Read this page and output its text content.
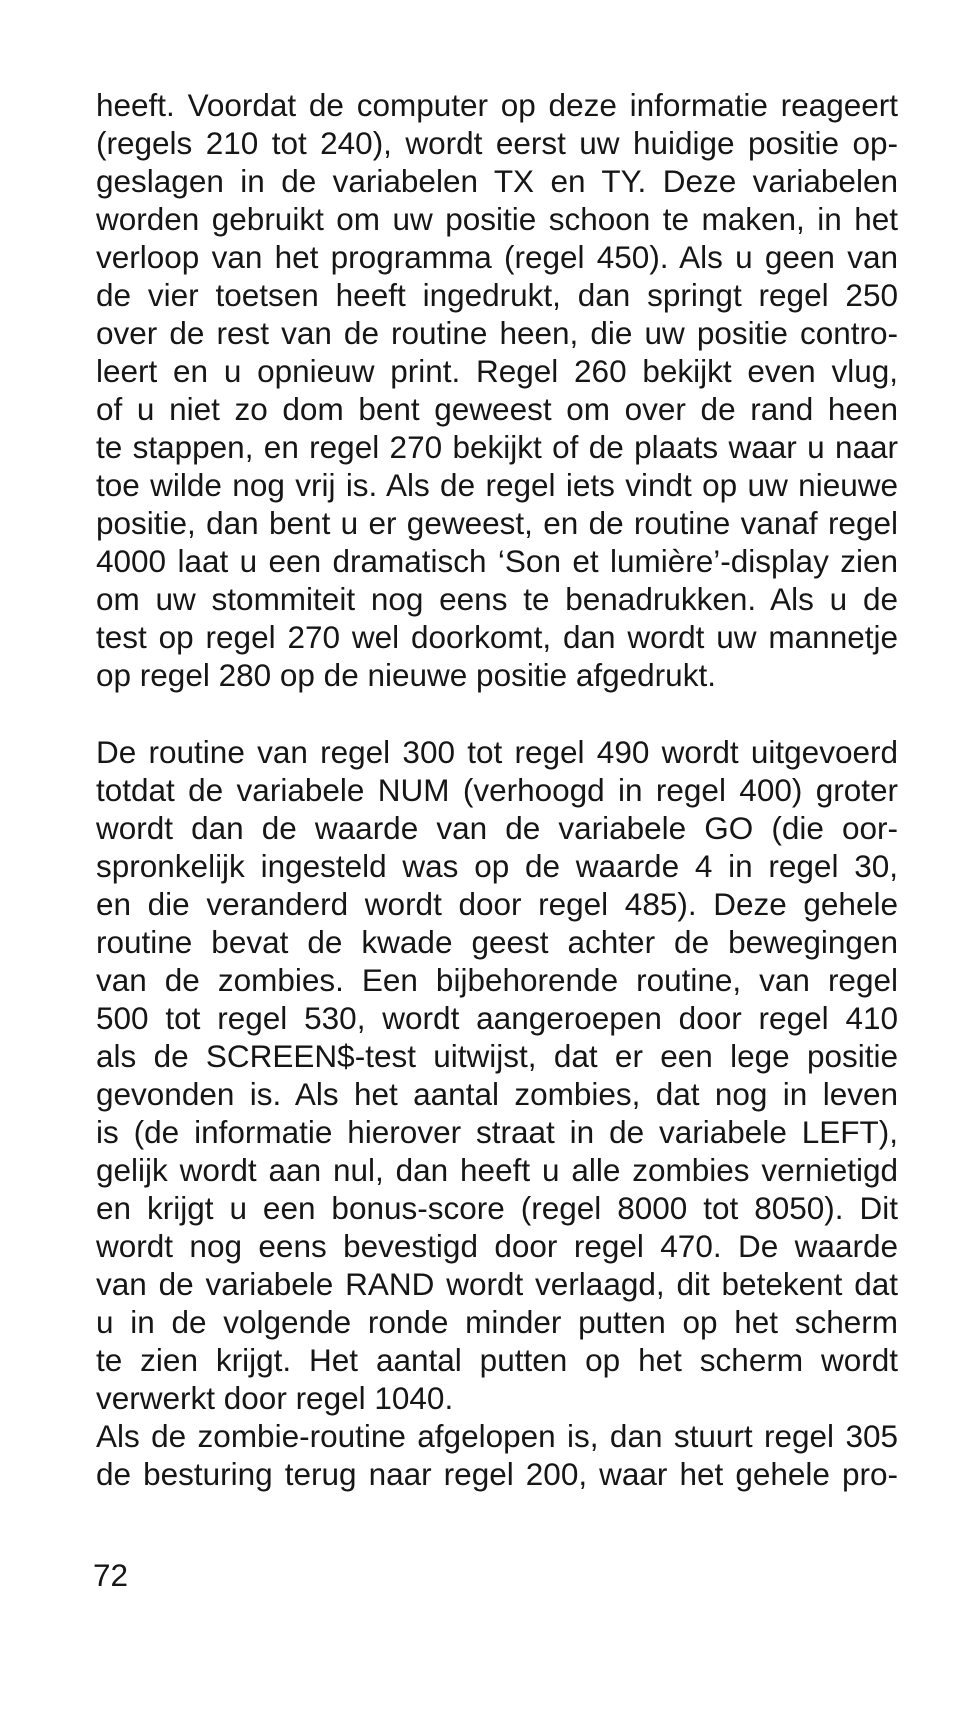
heeft. Voordat de computer op deze informatie reageert
(regels 210 tot 240), wordt eerst uw huidige positie op-
geslagen in de variabelen TX en TY. Deze variabelen
worden gebruikt om uw positie schoon te maken, in het
verloop van het programma (regel 450). Als u geen van
de vier toetsen heeft ingedrukt, dan springt regel 250
over de rest van de routine heen, die uw positie contro-
leert en u opnieuw print. Regel 260 bekijkt even vlug,
of u niet zo dom bent geweest om over de rand heen
te stappen, en regel 270 bekijkt of de plaats waar u naar
toe wilde nog vrij is. Als de regel iets vindt op uw nieuwe
positie, dan bent u er geweest, en de routine vanaf regel
4000 laat u een dramatisch ‘Son et lumière’-display zien
om uw stommiteit nog eens te benadrukken. Als u de
test op regel 270 wel doorkomt, dan wordt uw mannetje
op regel 280 op de nieuwe positie afgedrukt.
De routine van regel 300 tot regel 490 wordt uitgevoerd
totdat de variabele NUM (verhoogd in regel 400) groter
wordt dan de waarde van de variabele GO (die oor-
spronkelijk ingesteld was op de waarde 4 in regel 30,
en die veranderd wordt door regel 485). Deze gehele
routine bevat de kwade geest achter de bewegingen
van de zombies. Een bijbehorende routine, van regel
500 tot regel 530, wordt aangeroepen door regel 410
als de SCREEN$-test uitwijst, dat er een lege positie
gevonden is. Als het aantal zombies, dat nog in leven
is (de informatie hierover straat in de variabele LEFT),
gelijk wordt aan nul, dan heeft u alle zombies vernietigd
en krijgt u een bonus-score (regel 8000 tot 8050). Dit
wordt nog eens bevestigd door regel 470. De waarde
van de variabele RAND wordt verlaagd, dit betekent dat
u in de volgende ronde minder putten op het scherm
te zien krijgt. Het aantal putten op het scherm wordt
verwerkt door regel 1040.
Als de zombie-routine afgelopen is, dan stuurt regel 305
de besturing terug naar regel 200, waar het gehele pro-
72
